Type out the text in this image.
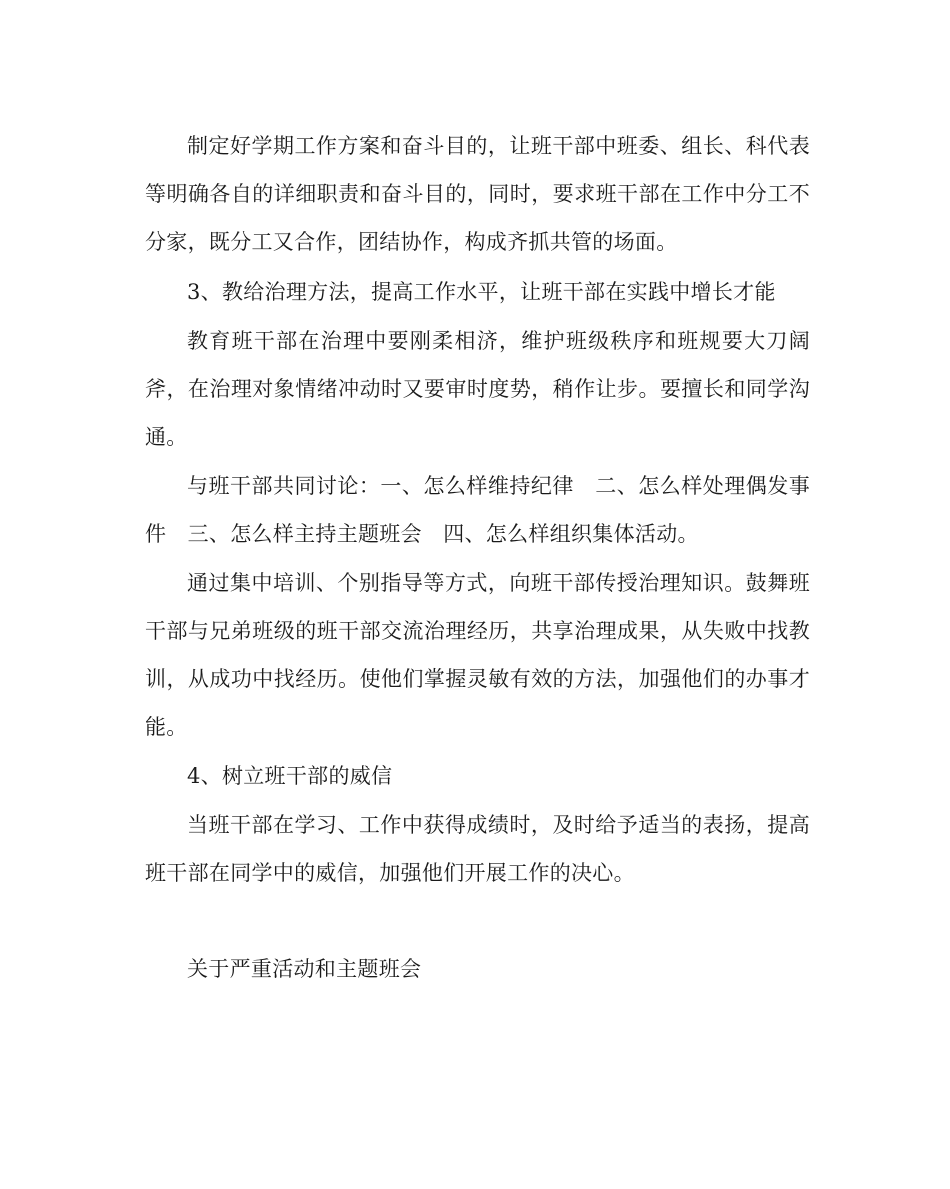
制定好学期工作方案和奋斗目的，让班干部中班委、组长、科代表等明确各自的详细职责和奋斗目的，同时，要求班干部在工作中分工不分家，既分工又合作，团结协作，构成齐抓共管的场面。

3、教给治理方法，提高工作水平，让班干部在实践中增长才能

教育班干部在治理中要刚柔相济，维护班级秩序和班规要大刀阔斧，在治理对象情绪冲动时又要审时度势，稍作让步。要擅长和同学沟通。

与班干部共同讨论：一、怎么样维持纪律　二、怎么样处理偶发事件　三、怎么样主持主题班会　四、怎么样组织集体活动。

通过集中培训、个别指导等方式，向班干部传授治理知识。鼓舞班干部与兄弟班级的班干部交流治理经历，共享治理成果，从失败中找教训，从成功中找经历。使他们掌握灵敏有效的方法，加强他们的办事才能。

4、树立班干部的威信

当班干部在学习、工作中获得成绩时，及时给予适当的表扬，提高班干部在同学中的威信，加强他们开展工作的决心。

关于严重活动和主题班会
